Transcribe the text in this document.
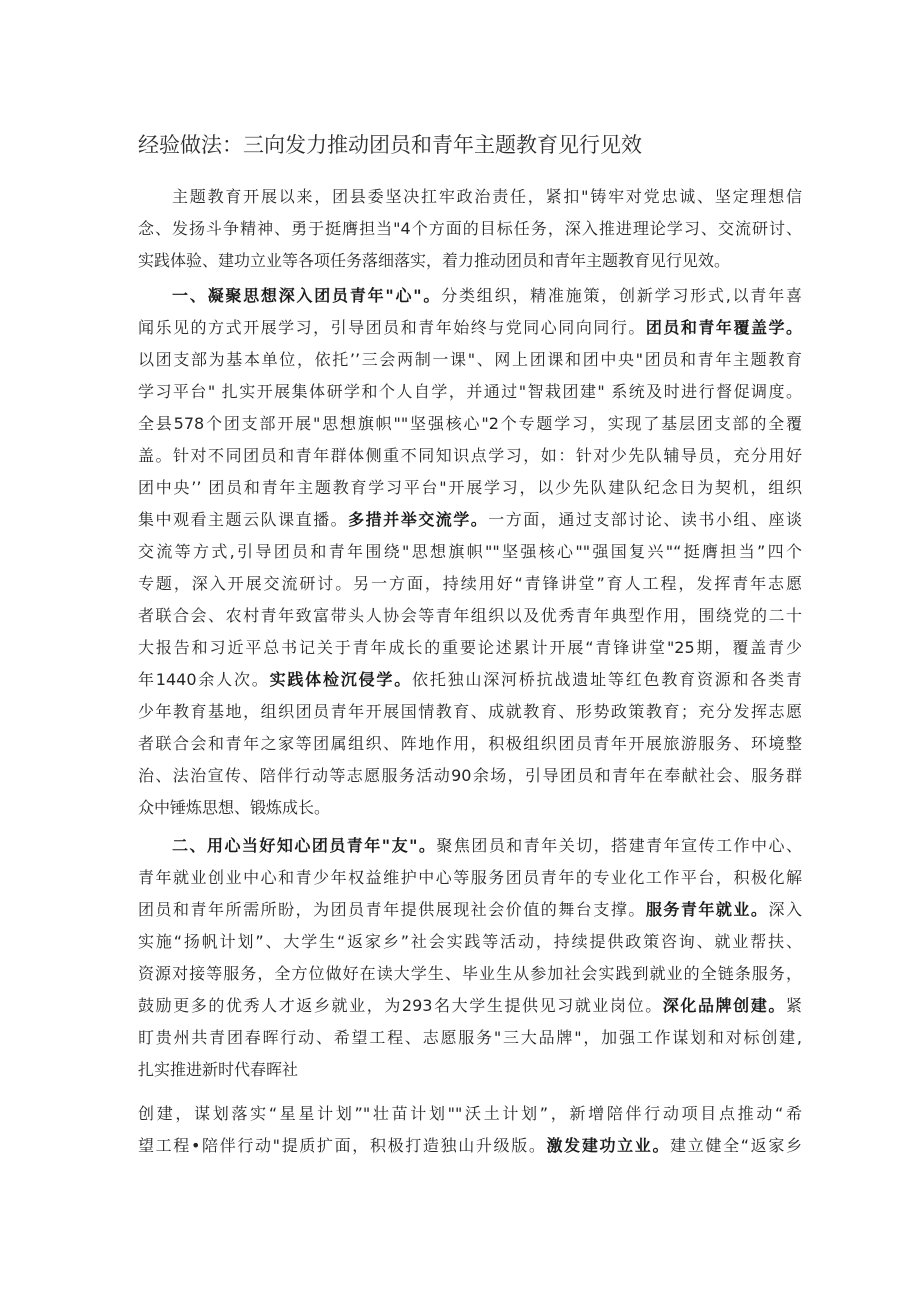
经验做法：三向发力推动团员和青年主题教育见行见效
主题教育开展以来，团县委坚决扛牢政治责任，紧扣"铸牢对党忠诚、坚定理想信
念、发扬斗争精神、勇于挺膺担当"4个方面的目标任务，深入推进理论学习、交流研讨、
实践体验、建功立业等各项任务落细落实，着力推动团员和青年主题教育见行见效。
一、凝聚思想深入团员青年"心"。分类组织，精准施策，创新学习形式,以青年喜
闻乐见的方式开展学习，引导团员和青年始终与党同心同向同行。团员和青年覆盖学。
以团支部为基本单位，依托’’三会两制一课"、网上团课和团中央"团员和青年主题教育
学习平台" 扎实开展集体研学和个人自学，并通过"智栽团建" 系统及时进行督促调度。
全县578个团支部开展"思想旗帜""坚强核心"2个专题学习，实现了基层团支部的全覆
盖。针对不同团员和青年群体侧重不同知识点学习，如：针对少先队辅导员，充分用好
团中央’’ 团员和青年主题教育学习平台"开展学习，以少先队建队纪念日为契机，组织
集中观看主题云队课直播。多措并举交流学。一方面，通过支部讨论、读书小组、座谈
交流等方式,引导团员和青年围绕"思想旗帜""坚强核心""强国复兴"“挺膺担当”四个
专题，深入开展交流研讨。另一方面，持续用好“青锋讲堂”育人工程，发挥青年志愿
者联合会、农村青年致富带头人协会等青年组织以及优秀青年典型作用，围绕党的二十
大报告和习近平总书记关于青年成长的重要论述累计开展“青锋讲堂"25期，覆盖青少
年1440余人次。实践体检沉侵学。依托独山深河桥抗战遗址等红色教育资源和各类青
少年教育基地，组织团员青年开展国情教育、成就教育、形势政策教育；充分发挥志愿
者联合会和青年之家等团属组织、阵地作用，积极组织团员青年开展旅游服务、环境整
治、法治宣传、陪伴行动等志愿服务活动90余场，引导团员和青年在奉献社会、服务群
众中锤炼思想、锻炼成长。
二、用心当好知心团员青年"友"。聚焦团员和青年关切，搭建青年宣传工作中心、
青年就业创业中心和青少年权益维护中心等服务团员青年的专业化工作平台，积极化解
团员和青年所需所盼，为团员青年提供展现社会价值的舞台支撑。服务青年就业。深入
实施“扬帆计划”、大学生“返家乡”社会实践等活动，持续提供政策咨询、就业帮扶、
资源对接等服务，全方位做好在读大学生、毕业生从参加社会实践到就业的全链条服务，
鼓励更多的优秀人才返乡就业，为293名大学生提供见习就业岗位。深化品牌创建。紧
盯贵州共青团春晖行动、希望工程、志愿服务"三大品牌"，加强工作谋划和对标创建,
扎实推进新时代春晖社
创建，谋划落实“星星计划”"壮苗计划""沃土计划”，新增陪伴行动项目点推动“希
望工程•陪伴行动"提质扩面，积极打造独山升级版。激发建功立业。建立健全“返家乡
